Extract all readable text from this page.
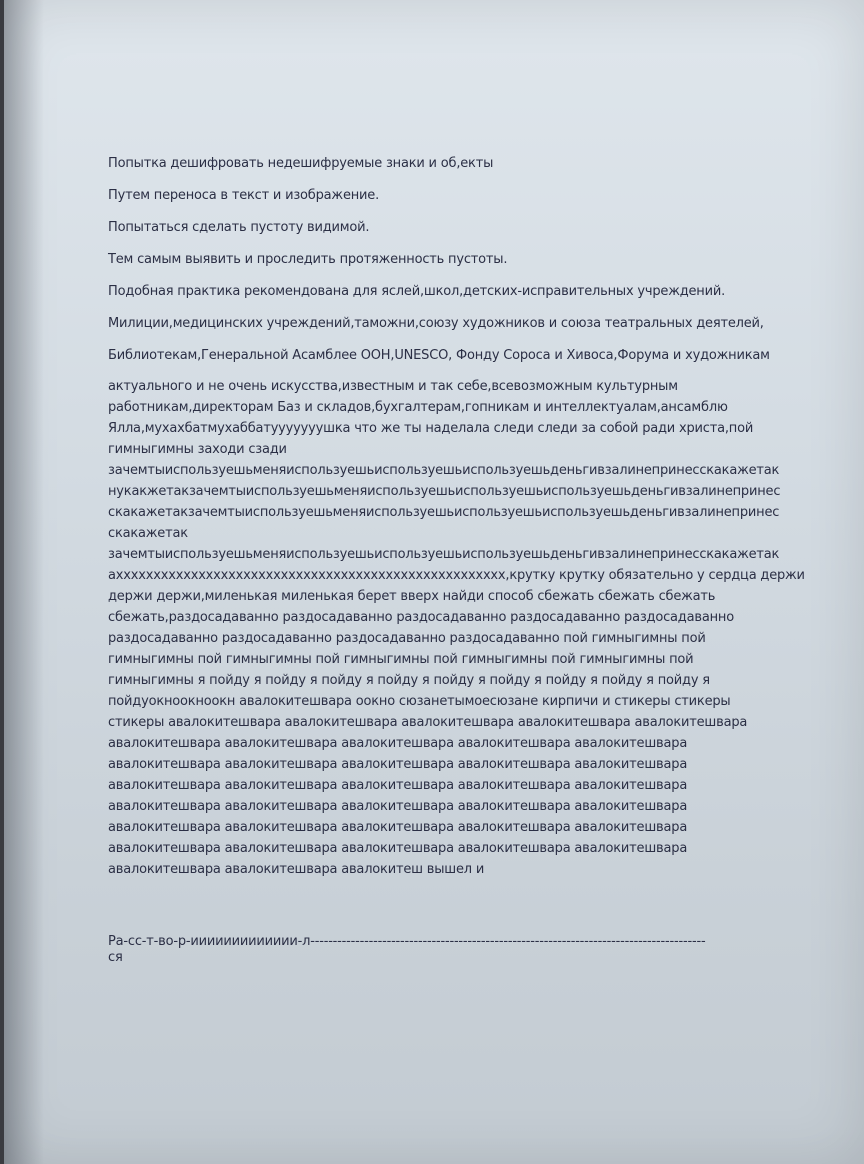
Попытка дешифровать недешифруемые знаки и об,екты

Путем переноса в текст и изображение.

Попытаться сделать пустоту видимой.

Тем самым выявить и проследить протяженность пустоты.

Подобная практика рекомендована для яслей,школ,детских-исправительных учреждений.

Милиции,медицинских учреждений,таможни,союзу художников и союза театральных деятелей,

Библиотекам,Генеральной Асамблее ООН,UNESCO, Фонду Сороса и Хивоса,Форума и художникам

актуального и не очень искусства,известным и так себе,всевозможным культурным

работникам,директорам Баз и складов,бухгалтерам,гопникам и интеллектуалам,ансамблю

Ялла,мухахбатмухаббатууууууушка что же ты наделала следи следи за собой ради христа,пой

гимныгимны заходи сзади

зачемтыиспользуешьменяиспользуешьиспользуешьиспользуешьденьгивзалинепринесскакажетак

нукакжетакзачемтыиспользуешьменяиспользуешьиспользуешьиспользуешьденьгивзалинепринес

скакажетакзачемтыиспользуешьменяиспользуешьиспользуешьиспользуешьденьгивзалинепринес

скакажетак

зачемтыиспользуешьменяиспользуешьиспользуешьиспользуешьденьгивзалинепринесскакажетак

ахххххххххххххххххххххххххххххххххххххххххххххххххххх,крутку крутку обязательно у сердца держи

держи держи,миленькая миленькая берет вверх найди способ сбежать сбежать сбежать

сбежать,раздосадаванно раздосадаванно раздосадаванно раздосадаванно раздосадаванно

раздосадаванно раздосадаванно раздосадаванно раздосадаванно пой гимныгимны пой

гимныгимны пой гимныгимны пой гимныгимны пой гимныгимны пой гимныгимны пой

гимныгимны я пойду я пойду я пойду я пойду я пойду я пойду я пойду я пойду я пойду я

пойдуокноокноокн авалокитешвара оокно сюзанетымоесюзане кирпичи и стикеры стикеры

стикеры авалокитешвара авалокитешвара авалокитешвара авалокитешвара авалокитешвара

авалокитешвара авалокитешвара авалокитешвара авалокитешвара авалокитешвара

авалокитешвара авалокитешвара авалокитешвара авалокитешвара авалокитешвара

авалокитешвара авалокитешвара авалокитешвара авалокитешвара авалокитешвара

авалокитешвара авалокитешвара авалокитешвара авалокитешвара авалокитешвара

авалокитешвара авалокитешвара авалокитешвара авалокитешвара авалокитешвара

авалокитешвара авалокитешвара авалокитешвара авалокитешвара авалокитешвара

авалокитешвара авалокитешвара авалокитеш вышел и

Ра-сс-т-во-р-иииииииииииии-л----------------------------------------------------------------------------------------

ся
